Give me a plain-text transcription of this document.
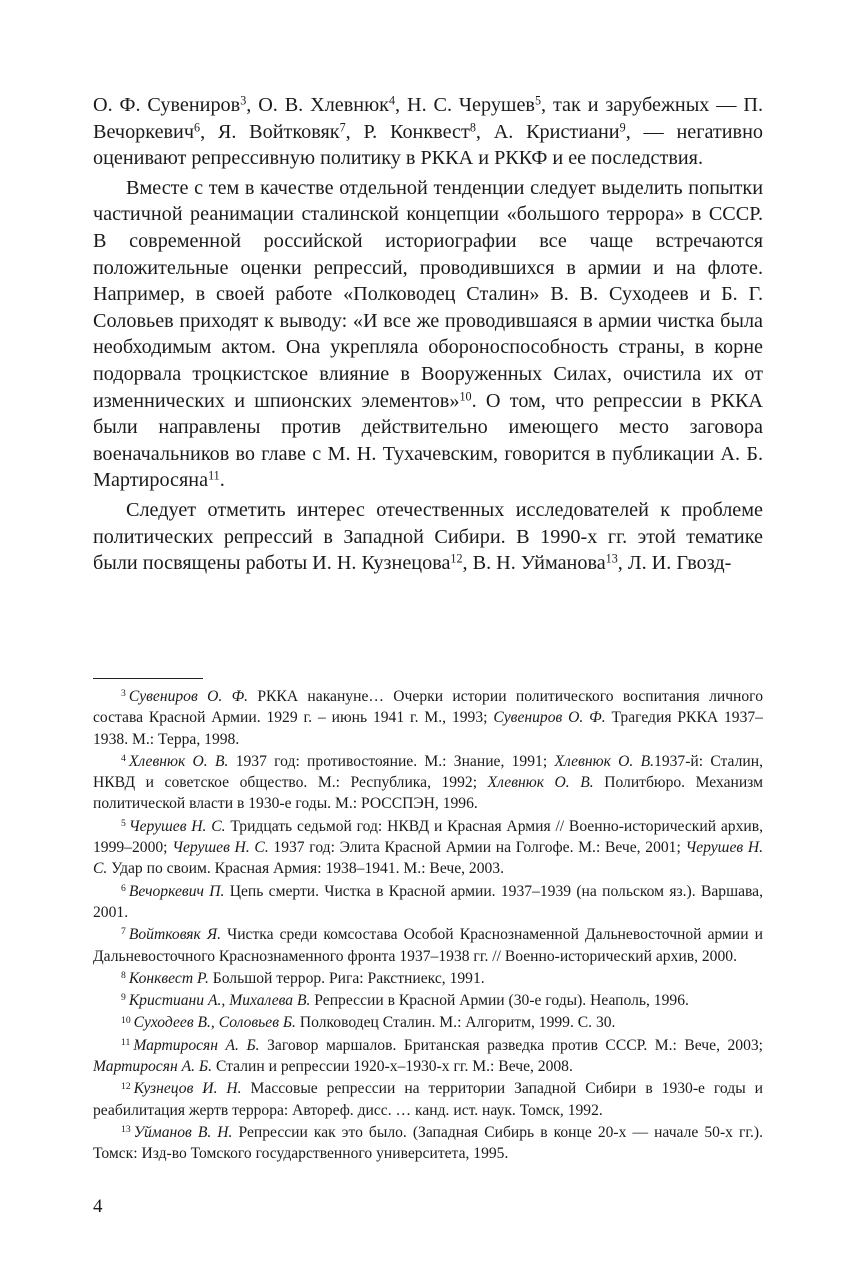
О. Ф. Сувениров$^3$, О. В. Хлевнюк$^4$, Н. С. Черушев$^5$, так и зарубежных — П. Вечоркевич$^6$, Я. Войтковяк$^7$, Р. Конквест$^8$, А. Кристиани$^9$, — негативно оценивают репрессивную политику в РККА и РККФ и ее последствия.

Вместе с тем в качестве отдельной тенденции следует выделить попытки частичной реанимации сталинской концепции «большого террора» в СССР. В современной российской историографии все чаще встречаются положительные оценки репрессий, проводившихся в армии и на флоте. Например, в своей работе «Полководец Сталин» В. В. Суходеев и Б. Г. Соловьев приходят к выводу: «И все же проводившаяся в армии чистка была необходимым актом. Она укрепляла обороноспособность страны, в корне подорвала троцкистское влияние в Вооруженных Силах, очистила их от изменнических и шпионских элементов»$^{10}$. О том, что репрессии в РККА были направлены против действительно имеющего место заговора военачальников во главе с М. Н. Тухачевским, говорится в публикации А. Б. Мартиросяна$^{11}$.

Следует отметить интерес отечественных исследователей к проблеме политических репрессий в Западной Сибири. В 1990-х гг. этой тематике были посвящены работы И. Н. Кузнецова$^{12}$, В. Н. Уйманова$^{13}$, Л. И. Гвозд-

$^3$ Сувениров О. Ф. РККА накануне… Очерки истории политического воспитания личного состава Красной Армии. 1929 г. – июнь 1941 г. М., 1993; Сувениров О. Ф. Трагедия РККА 1937–1938. М.: Терра, 1998.

$^4$ Хлевнюк О. В. 1937 год: противостояние. М.: Знание, 1991; Хлевнюк О. В.1937-й: Сталин, НКВД и советское общество. М.: Республика, 1992; Хлевнюк О. В. Политбюро. Механизм политической власти в 1930-е годы. М.: РОССПЭН, 1996.

$^5$ Черушев Н. С. Тридцать седьмой год: НКВД и Красная Армия // Военно-исторический архив, 1999–2000; Черушев Н. С. 1937 год: Элита Красной Армии на Голгофе. М.: Вече, 2001; Черушев Н. С. Удар по своим. Красная Армия: 1938–1941. М.: Вече, 2003.

$^6$ Вечоркевич П. Цепь смерти. Чистка в Красной армии. 1937–1939 (на польском яз.). Варшава, 2001.

$^7$ Войтковяк Я. Чистка среди комсостава Особой Краснознаменной Дальневосточной армии и Дальневосточного Краснознаменного фронта 1937–1938 гг. // Военно-исторический архив, 2000.

$^8$ Конквест Р. Большой террор. Рига: Ракстниекс, 1991.

$^9$ Кристиани А., Михалева В. Репрессии в Красной Армии (30-е годы). Неаполь, 1996.

$^{10}$ Суходеев В., Соловьев Б. Полководец Сталин. М.: Алгоритм, 1999. С. 30.

$^{11}$ Мартиросян А. Б. Заговор маршалов. Британская разведка против СССР. М.: Вече, 2003; Мартиросян А. Б. Сталин и репрессии 1920-х–1930-х гг. М.: Вече, 2008.

$^{12}$ Кузнецов И. Н. Массовые репрессии на территории Западной Сибири в 1930-е годы и реабилитация жертв террора: Автореф. дисс. … канд. ист. наук. Томск, 1992.

$^{13}$ Уйманов В. Н. Репрессии как это было. (Западная Сибирь в конце 20-х — начале 50-х гг.). Томск: Изд-во Томского государственного университета, 1995.

4
